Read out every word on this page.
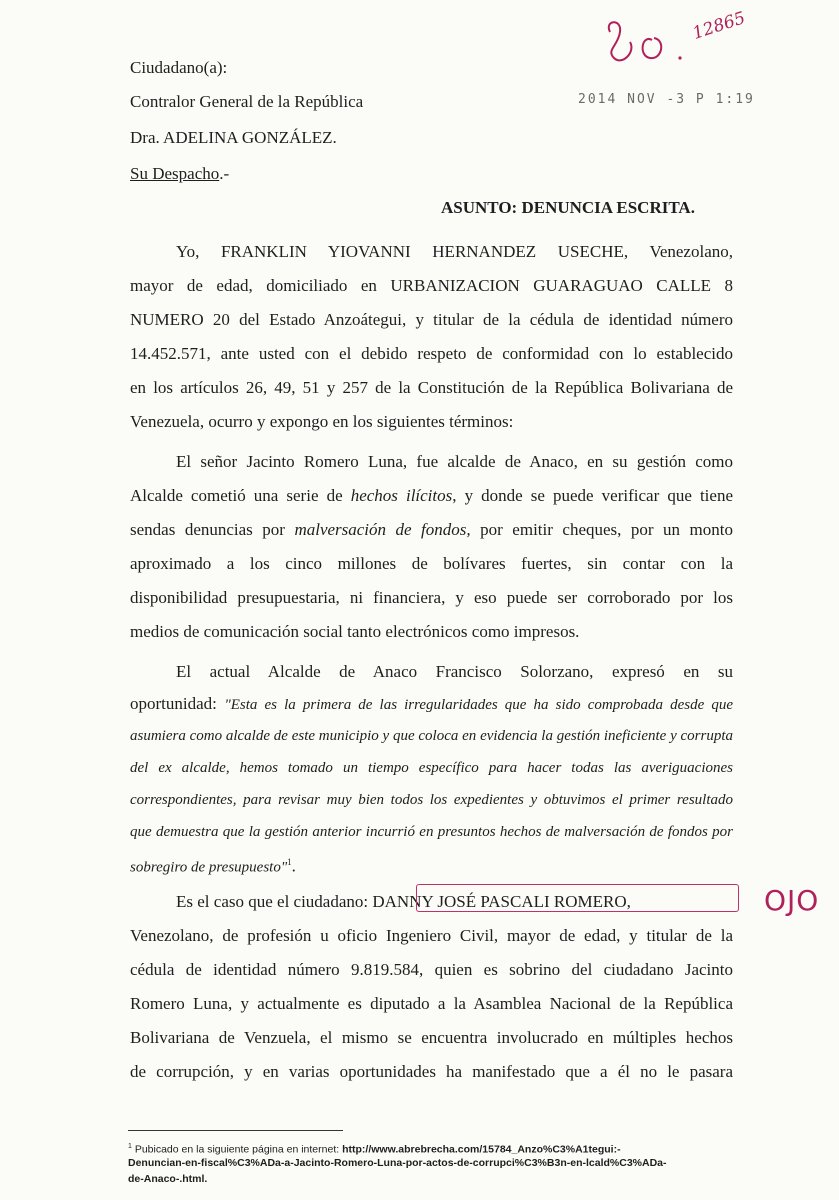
Ciudadano(a):
Contralor General de la República
Dra. ADELINA GONZÁLEZ.
Su Despacho.-
2014 NOV -3 P 1:19
12865
ASUNTO: DENUNCIA ESCRITA.
Yo, FRANKLIN YIOVANNI HERNANDEZ USECHE, Venezolano,
mayor de edad, domiciliado en URBANIZACION GUARAGUAO CALLE 8
NUMERO 20 del Estado Anzoátegui, y titular de la cédula de identidad número
14.452.571, ante usted con el debido respeto de conformidad con lo establecido
en los artículos 26, 49, 51 y 257 de la Constitución de la República Bolivariana de
Venezuela, ocurro y expongo en los siguientes términos:
El señor Jacinto Romero Luna, fue alcalde de Anaco, en su gestión como
Alcalde cometió una serie de hechos ilícitos, y donde se puede verificar que tiene
sendas denuncias por malversación de fondos, por emitir cheques, por un monto
aproximado a los cinco millones de bolívares fuertes, sin contar con la
disponibilidad presupuestaria, ni financiera, y eso puede ser corroborado por los
medios de comunicación social tanto electrónicos como impresos.
El actual Alcalde de Anaco Francisco Solorzano, expresó en su
oportunidad: "Esta es la primera de las irregularidades que ha sido comprobada desde que
asumiera como alcalde de este municipio y que coloca en evidencia la gestión ineficiente y corrupta
del ex alcalde, hemos tomado un tiempo específico para hacer todas las averiguaciones
correspondientes, para revisar muy bien todos los expedientes y obtuvimos el primer resultado
que demuestra que la gestión anterior incurrió en presuntos hechos de malversación de fondos por
sobregiro de presupuesto"$^1$.
Es el caso que el ciudadano: DANNY JOSÉ PASCALI ROMERO,	OJO
Venezolano, de profesión u oficio Ingeniero Civil, mayor de edad, y titular de la
cédula de identidad número 9.819.584, quien es sobrino del ciudadano Jacinto
Romero Luna, y actualmente es diputado a la Asamblea Nacional de la República
Bolivariana de Venzuela, el mismo se encuentra involucrado en múltiples hechos
de corrupción, y en varias oportunidades ha manifestado que a él no le pasara
$^1$ Pubicado en la siguiente página en internet: http://www.abrebrecha.com/15784_Anzo%C3%A1tegui:-
Denuncian-en-fiscal%C3%ADa-a-Jacinto-Romero-Luna-por-actos-de-corrupci%C3%B3n-en-lcald%C3%ADa-
de-Anaco-.html.
